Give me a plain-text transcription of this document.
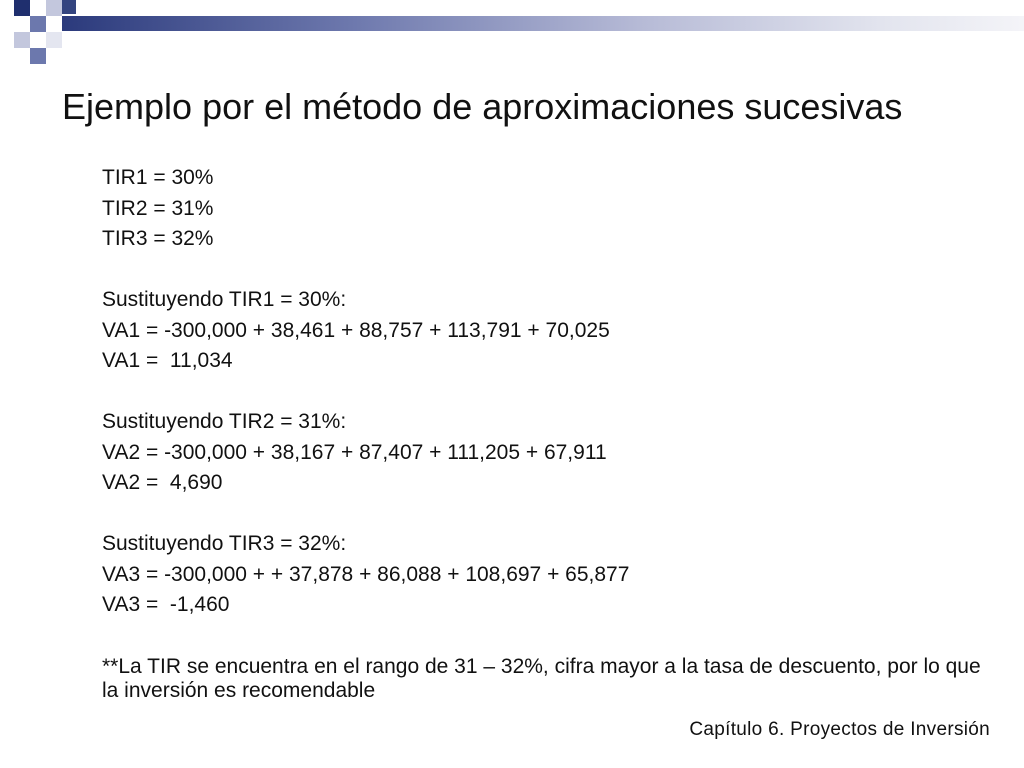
Ejemplo por el método de aproximaciones sucesivas
TIR1 = 30%
TIR2 = 31%
TIR3 = 32%
Sustituyendo TIR1 = 30%:
VA1 = -300,000 + 38,461 + 88,757 + 113,791 + 70,025
VA1 =  11,034
Sustituyendo TIR2 = 31%:
VA2 = -300,000 + 38,167 + 87,407 + 111,205 + 67,911
VA2 =  4,690
Sustituyendo TIR3 = 32%:
VA3 = -300,000 + + 37,878 + 86,088 + 108,697 + 65,877
VA3 =  -1,460
**La TIR se encuentra en el rango de 31 – 32%, cifra mayor a la tasa de descuento, por lo que la inversión es recomendable
Capítulo 6. Proyectos de Inversión
